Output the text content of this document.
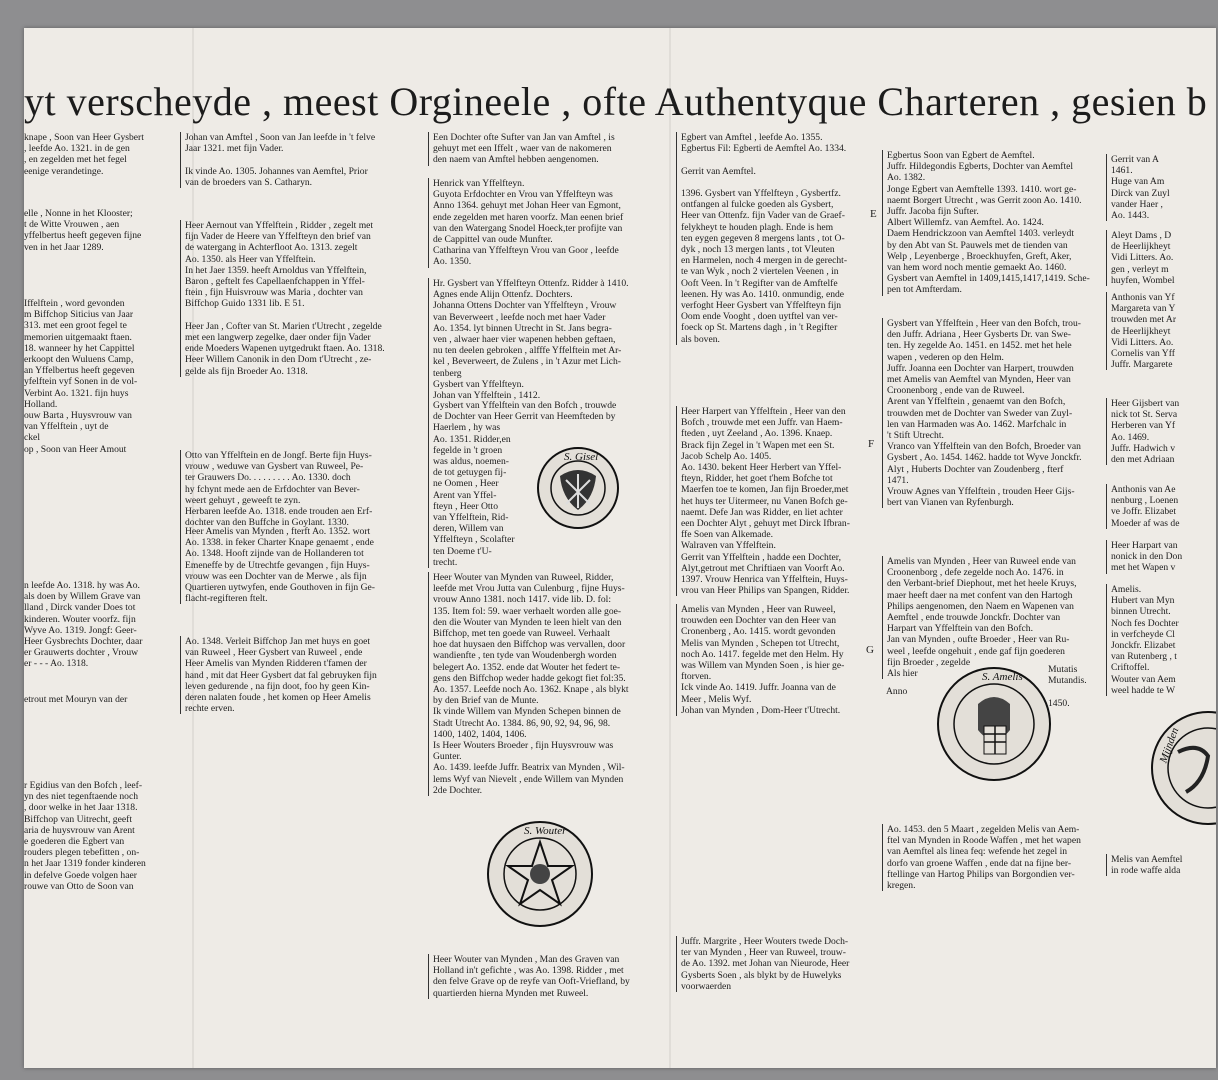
yt verscheyde , meest Orgineele , ofte Authentyque Charteren , gesien b

knape , Soon van Heer Gysbert

, leefde Ao. 1321. in de gen

, en zegelden met het fegel

eenige verandetinge.

elle , Nonne in het Klooster;

t de Witte Vrouwen , aen

yffelbertus heeft gegeven fijne

ven in het Jaar 1289.

Iffelftein , word gevonden

m Biffchop Siticius van Jaar

313. met een groot fegel te

memorien uitgemaakt ftaen.

18. wanneer hy het Cappittel

erkoopt den Wuluens Camp,

an Yffelbertus heeft gegeven

yfelftein vyf Sonen in de vol-

Verbint Ao. 1321. fijn huys

Holland.

ouw Barta , Huysvrouw van

van Yffelftein , uyt de

ckel

op , Soon van Heer Amout

n leefde Ao. 1318. hy was Ao.

als doen by Willem Grave van

lland , Dirck vander Does tot

kinderen. Wouter voorfz. fijn

Wyve Ao. 1319. Jongf: Geer-

Heer Gysbrechts Dochter, daar

er Grauwerts dochter , Vrouw

er - - - Ao. 1318.

etrout met Mouryn van der

r Egidius van den Bofch , leef-

yn des niet tegenftaende noch

, door welke in het Jaar 1318.

Biffchop van Uitrecht, geeft

aria de huysvrouw van Arent

e goederen die Egbert van

rouders plegen tebefitten , on-

n het Jaar 1319 fonder kinderen

in defelve Goede volgen haer

rouwe van Otto de Soon van

Johan van Amftel , Soon van Jan leefde in 't felve

Jaar 1321. met fijn Vader.

Ik vinde Ao. 1305. Johannes van Aemftel, Prior

van de broeders van S. Catharyn.

Heer Aernout van Yffelftein , Ridder , zegelt met

fijn Vader de Heere van Yffelfteyn den brief van

de watergang in Achterfloot Ao. 1313. zegelt

Ao. 1350. als Heer van Yffelftein.

In het Jaer 1359. heeft Arnoldus van Yffelftein,

Baron , geftelt fes Capellaenfchappen in Yffel-

ftein , fijn Huisvrouw was Maria , dochter van

Biffchop Guido 1331 lib. E 51.

Heer Jan , Cofter van St. Marien t'Utrecht , zegelde

met een langwerp zegelke, daer onder fijn Vader

ende Moeders Wapenen uytgedrukt ftaen. Ao. 1318.

Heer Willem Canonik in den Dom t'Utrecht , ze-

gelde als fijn Broeder Ao. 1318.

Otto van Yffelftein en de Jongf. Berte fijn Huys-

vrouw , weduwe van Gysbert van Ruweel, Pe-

ter Grauwers Do. . . . . . . . . Ao. 1330. doch

hy fchynt mede aen de Erfdochter van Bever-

weert gehuyt , geweeft te zyn.

Herbaren leefde Ao. 1318. ende trouden aen Erf-

dochter van den Buffche in Goylant. 1330.

Heer Amelis van Mynden , fterft Ao. 1352. wort

Ao. 1338. in feker Charter Knape genaemt , ende

Ao. 1348. Hooft zijnde van de Hollanderen tot

Emeneffe by de Utrechtfe gevangen , fijn Huys-

vrouw was een Dochter van de Merwe , als fijn

Quartieren uytwyfen, ende Gouthoven in fijn Ge-

flacht-regifteren ftelt.

Ao. 1348. Verleit Biffchop Jan met huys en goet

van Ruweel , Heer Gysbert van Ruweel , ende

Heer Amelis van Mynden Ridderen t'famen der

hand , mit dat Heer Gysbert dat fal gebruyken fijn

leven gedurende , na fijn doot, foo hy geen Kin-

deren nalaten foude , het komen op Heer Amelis

rechte erven.

Een Dochter ofte Sufter van Jan van Amftel , is

gehuyt met een Iffelt , waer van de nakomeren

den naem van Amftel hebben aengenomen.

Henrick van Yffelfteyn.

Guyota Erfdochter en Vrou van Yffelfteyn was

Anno 1364. gehuyt met Johan Heer van Egmont,

ende zegelden met haren voorfz. Man eenen brief

van den Watergang Snodel Hoeck,ter profijte van

de Cappittel van oude Munfter.

Catharina van Yffelfteyn Vrou van Goor , leefde

Ao. 1350.

Hr. Gysbert van Yffelfteyn Ottenfz. Ridder à 1410.

Agnes ende Alijn Ottenfz. Dochters.

Johanna Ottens Dochter van Yffelfteyn , Vrouw

van Beverweert , leefde noch met haer Vader

Ao. 1354. lyt binnen Utrecht in St. Jans begra-

ven , alwaer haer vier wapenen hebben geftaen,

nu ten deelen gebroken , alfffe Yffelftein met Ar-

kel , Beverweert, de Zulens , in 't Azur met Lich-

tenberg

Gysbert van Yffelfteyn.

Johan van Yffelftein , 1412.

Gysbert van Yffelftein van den Bofch , trouwde

de Dochter van Heer Gerrit van Heemfteden by

Haerlem , hy was

Ao. 1351. Ridder,en

fegelde in 't groen

was aldus, noemen-

de tot getuygen fij-

ne Oomen , Heer

Arent van Yffel-

fteyn , Heer Otto

van Yffelftein, Rid-

deren, Willem van

Yffelfteyn , Scolafter

ten Doeme t'U-

trecht.

Heer Wouter van Mynden van Ruweel, Ridder,

leefde met Vrou Jutta van Culenburg , fijne Huys-

vrouw Anno 1381. noch 1417. vide lib. D. fol:

135. Item fol: 59. waer verhaelt worden alle goe-

den die Wouter van Mynden te leen hielt van den

Biffchop, met ten goede van Ruweel. Verhaalt

hoe dat huysaen den Biffchop was vervallen, door

wandienfte , ten tyde van Woudenbergh worden

belegert Ao. 1352. ende dat Wouter het federt te-

gens den Biffchop weder hadde gekogt fiet fol:35.

Ao. 1357. Leefde noch Ao. 1362. Knape , als blykt

by den Brief van de Munte.

Ik vinde Willem van Mynden Schepen binnen de

Stadt Utrecht Ao. 1384. 86, 90, 92, 94, 96, 98.

1400, 1402, 1404, 1406.

Is Heer Wouters Broeder , fijn Huysvrouw was

Gunter.

Ao. 1439. leefde Juffr. Beatrix van Mynden , Wil-

lems Wyf van Nievelt , ende Willem van Mynden

2de Dochter.

Heer Wouter van Mynden , Man des Graven van

Holland in't gefichte , was Ao. 1398. Ridder , met

den felve Grave op de reyfe van Ooft-Vriefland, by

quartierden hierna Mynden met Ruweel.

Egbert van Amftel , leefde Ao. 1355.

Egbertus Fil: Egberti de Aemftel Ao. 1334.

Gerrit van Aemftel.

1396. Gysbert van Yffelfteyn , Gysbertfz.

ontfangen al fulcke goeden als Gysbert,

Heer van Ottenfz. fijn Vader van de Graef-

felykheyt te houden plagh. Ende is hem

ten eygen gegeven 8 mergens lants , tot O-

dyk , noch 13 mergen lants , tot Vleuten

en Harmelen, noch 4 mergen in de gerecht-

te van Wyk , noch 2 viertelen Veenen , in

Ooft Veen. In 't Regifter van de Amftelfe

leenen. Hy was Ao. 1410. onmundig, ende

verfoght Heer Gysbert van Yffelfteyn fijn

Oom ende Vooght , doen uytftel van ver-

foeck op St. Martens dagh , in 't Regifter

als boven.

Heer Harpert van Yffelftein , Heer van den

Bofch , trouwde met een Juffr. van Haem-

fteden , uyt Zeeland , Ao. 1396. Knaep.

Brack fijn Zegel in 't Wapen met een St.

Jacob Schelp Ao. 1405.

Ao. 1430. bekent Heer Herbert van Yffel-

fteyn, Ridder, het goet t'hem Bofche tot

Maerfen toe te komen, Jan fijn Broeder,met

het huys ter Uitermeer, nu Vanen Bofch ge-

naemt. Defe Jan was Ridder, en liet achter

een Dochter Alyt , gehuyt met Dirck Ifbran-

ffe Soen van Alkemade.

Walraven van Yffelftein.

Gerrit van Yffelftein , hadde een Dochter,

Alyt,getrout met Chriftiaen van Voorft Ao.

1397. Vrouw Henrica van Yffelftein, Huys-

vrou van Heer Philips van Spangen, Ridder.

Amelis van Mynden , Heer van Ruweel,

trouwden een Dochter van den Heer van

Cronenberg , Ao. 1415. wordt gevonden

Melis van Mynden , Schepen tot Utrecht,

noch Ao. 1417. fegelde met den Helm. Hy

was Willem van Mynden Soen , is hier ge-

ftorven.

Ick vinde Ao. 1419. Juffr. Joanna van de

Meer , Melis Wyf.

Johan van Mynden , Dom-Heer t'Utrecht.

Juffr. Margrite , Heer Wouters twede Doch-

ter van Mynden , Heer van Ruweel, trouw-

de Ao. 1392. met Johan van Nieurode, Heer

Gysberts Soen , als blykt by de Huwelyks

voorwaerden

E
F
G

Egbertus Soon van Egbert de Aemftel.

Juffr. Hildegondis Egberts, Dochter van Aemftel

Ao. 1382.

Jonge Egbert van Aemftelle 1393. 1410. wort ge-

naemt Borgert Utrecht , was Gerrit zoon Ao. 1410.

Juffr. Jacoba fijn Sufter.

Albert Willemfz. van Aemftel. Ao. 1424.

Daem Hendrickzoon van Aemftel 1403. verleydt

by den Abt van St. Pauwels met de tienden van

Welp , Leyenberge , Broeckhuyfen, Greft, Aker,

van hem word noch mentie gemaekt Ao. 1460.

Gysbert van Aemftel in 1409,1415,1417,1419. Sche-

pen tot Amfterdam.

Gysbert van Yffelftein , Heer van den Bofch, trou-

den Juffr. Adriana , Heer Gysberts Dr. van Swe-

ten. Hy zegelde Ao. 1451. en 1452. met het hele

wapen , vederen op den Helm.

Juffr. Joanna een Dochter van Harpert, trouwden

met Amelis van Aemftel van Mynden, Heer van

Croonenborg , ende van de Ruweel.

Arent van Yffelftein , genaemt van den Bofch,

trouwden met de Dochter van Sweder van Zuyl-

len van Harmaden was Ao. 1462. Marfchalc in

't Stift Utrecht.

Vranco van Yffelftein van den Bofch, Broeder van

Gysbert , Ao. 1454. 1462. hadde tot Wyve Jonckfr.

Alyt , Huberts Dochter van Zoudenberg , fterf

1471.

Vrouw Agnes van Yffelftein , trouden Heer Gijs-

bert van Vianen van Ryfenburgh.

Amelis van Mynden , Heer van Ruweel ende van

Croonenborg , defe zegelde noch Ao. 1476. in

den Verbant-brief Diephout, met het heele Kruys,

maer heeft daer na met confent van den Hartogh

Philips aengenomen, den Naem en Wapenen van

Aemftel , ende trouwde Jonckfr. Dochter van

Harpart van Yffelftein van den Bofch.

Jan van Mynden , oufte Broeder , Heer van Ru-

weel , leefde ongehuit , ende gaf fijn goederen

fijn Broeder , zegelde

Als hier

Ao. 1453. den 5 Maart , zegelden Melis van Aem-

ftel van Mynden in Roode Waffen , met het wapen

van Aemftel als linea feq: wefende het zegel in

dorfo van groene Waffen , ende dat na fijne ber-

ftellinge van Hartog Philips van Borgondien ver-

kregen.

Anno
Mutatis
Mutandis.
1450.

Gerrit van A

1461.

Huge van Am

Dirck van Zuyl

vander Haer ,

Ao. 1443.

Aleyt Dams , D

de Heerlijkheyt

Vidi Litters. Ao.

gen , verleyt m

huyfen, Wombel

Anthonis van Yf

Margareta van Y

trouwden met Ar

de Heerlijkheyt

Vidi Litters. Ao.

Cornelis van Yff

Juffr. Margarete

Heer Gijsbert van

nick tot St. Serva

Herberen van Yf

Ao. 1469.

Juffr. Hadwich v

den met Adriaan

Anthonis van Ae

nenburg , Loenen

ve Joffr. Elizabet

Moeder af was de

Heer Harpart van

nonick in den Don

met het Wapen v

Amelis.

Hubert van Myn

binnen Utrecht.

Noch fes Dochter

in verfcheyde Cl

Jonckfr. Elizabet

van Rutenberg , t

Criftoffel.

Wouter van Aem

weel hadde te W

Melis van Aemftel

in rode waffe alda

S. Gisel
S. Wouter
S. Amelis
Mijnden
